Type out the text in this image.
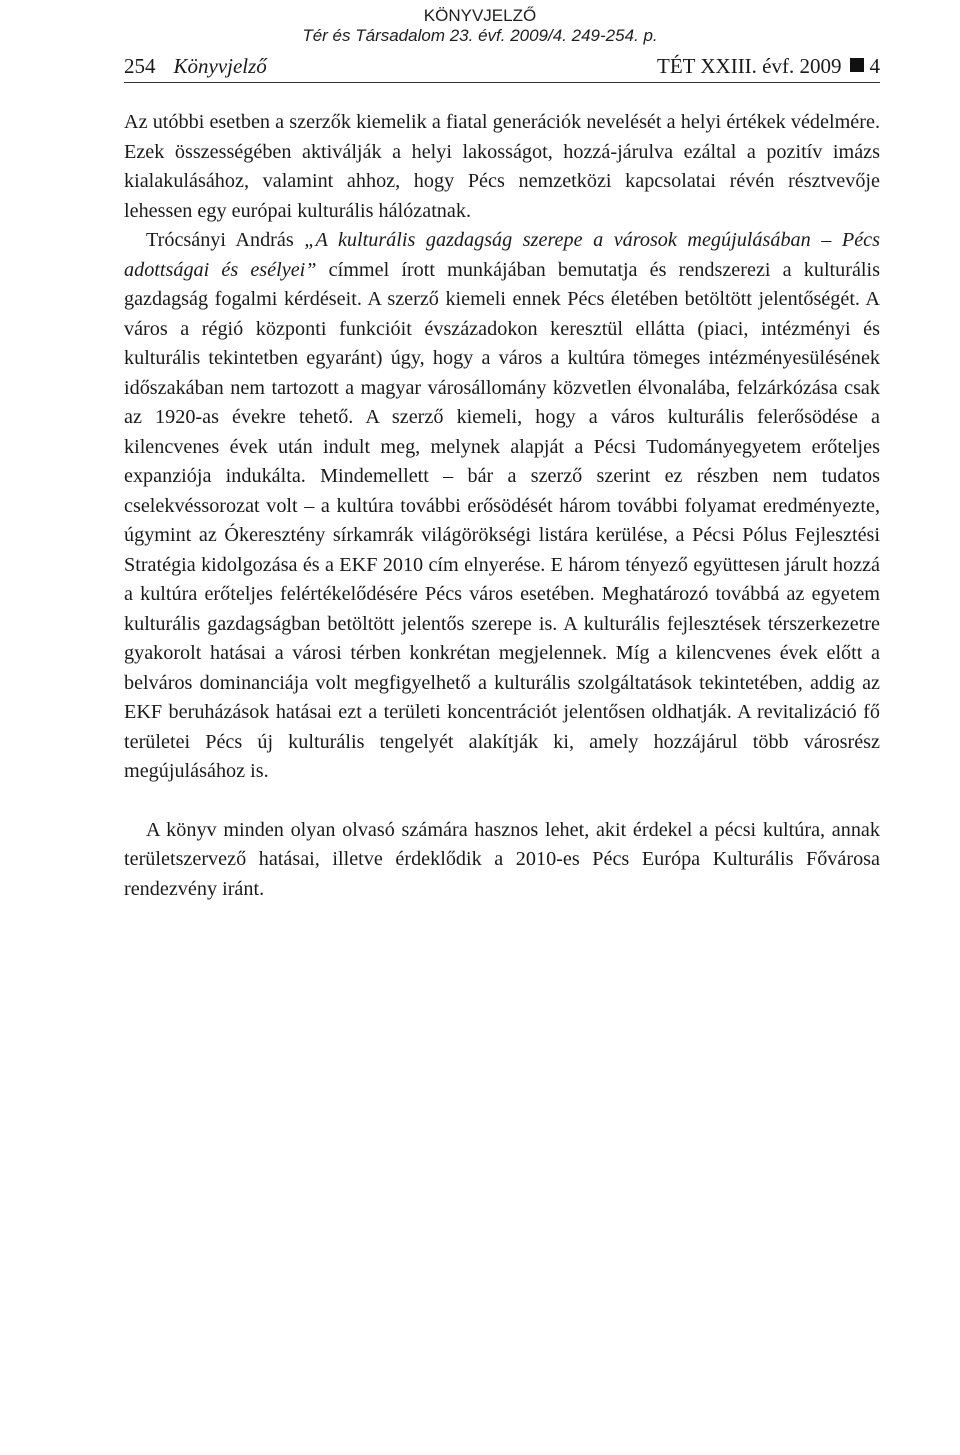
KÖNYVJELZŐ
Tér és Társadalom 23. évf. 2009/4. 249-254. p.
254 Könyvjelző	TÉT XXIII. évf. 2009 4

Az utóbbi esetben a szerzők kiemelik a fiatal generációk nevelését a helyi értékek védelmére. Ezek összességében aktiválják a helyi lakosságot, hozzá-járulva ezáltal a pozitív imázs kialakulásához, valamint ahhoz, hogy Pécs nemzetközi kapcsolatai révén résztvevője lehessen egy európai kulturális hálózatnak.

Trócsányi András „A kulturális gazdagság szerepe a városok megújulásában – Pécs adottságai és esélyei” címmel írott munkájában bemutatja és rendszerezi a kulturális gazdagság fogalmi kérdéseit. A szerző kiemeli ennek Pécs életében betöltött jelentőségét. A város a régió központi funkcióit évszázadokon keresztül ellátta (piaci, intézményi és kulturális tekintetben egyaránt) úgy, hogy a város a kultúra tömeges intézményesülésének időszakában nem tartozott a magyar városállomány közvetlen élvonalába, felzárkózása csak az 1920-as évekre tehető. A szerző kiemeli, hogy a város kulturális felerősödése a kilencvenes évek után indult meg, melynek alapját a Pécsi Tudományegyetem erőteljes expanziója indukálta. Mindemellett – bár a szerző szerint ez részben nem tudatos cselekvéssorozat volt – a kultúra további erősödését három további folyamat eredményezte, úgymint az Ókeresztény sírkamrák világörökségi listára kerülése, a Pécsi Pólus Fejlesztési Stratégia kidolgozása és a EKF 2010 cím elnyerése. E három tényező együttesen járult hozzá a kultúra erőteljes felértékelődésére Pécs város esetében. Meghatározó továbbá az egyetem kulturális gazdagságban betöltött jelentős szerepe is. A kulturális fejlesztések térszerkezetre gyakorolt hatásai a városi térben konkrétan megjelennek. Míg a kilencvenes évek előtt a belváros dominanciája volt megfigyelhető a kulturális szolgáltatások tekintetében, addig az EKF beruházások hatásai ezt a területi koncentrációt jelentősen oldhatják. A revitalizáció fő területei Pécs új kulturális tengelyét alakítják ki, amely hozzájárul több városrész megújulásához is.

A könyv minden olyan olvasó számára hasznos lehet, akit érdekel a pécsi kultúra, annak területszervező hatásai, illetve érdeklődik a 2010-es Pécs Európa Kulturális Fővárosa rendezvény iránt.
